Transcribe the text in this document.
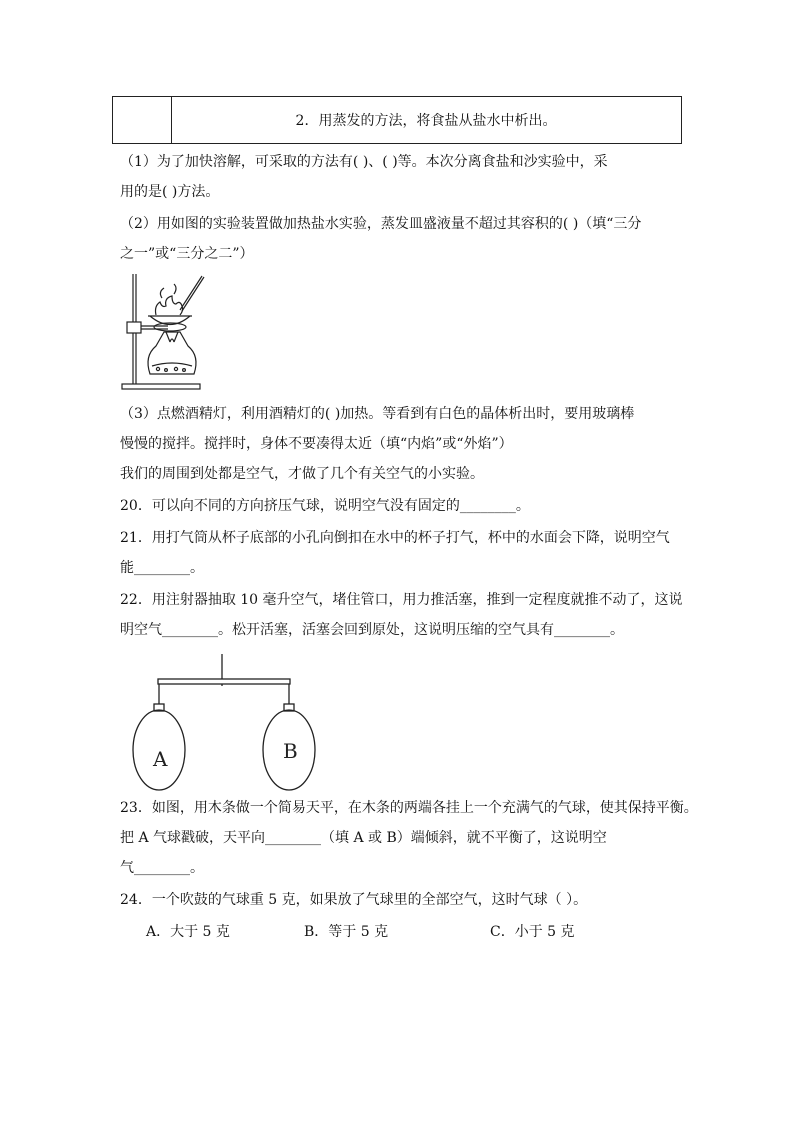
2．用蒸发的方法，将食盐从盐水中析出。
（1）为了加快溶解，可采取的方法有( )、( )等。本次分离食盐和沙实验中，采
用的是( )方法。
（2）用如图的实验装置做加热盐水实验，蒸发皿盛液量不超过其容积的( )（填“三分
之一”或“三分之二”）
（3）点燃酒精灯，利用酒精灯的( )加热。等看到有白色的晶体析出时，要用玻璃棒
慢慢的搅拌。搅拌时，身体不要凑得太近（填“内焰”或“外焰”）
我们的周围到处都是空气，才做了几个有关空气的小实验。
20．可以向不同的方向挤压气球，说明空气没有固定的________。
21．用打气筒从杯子底部的小孔向倒扣在水中的杯子打气，杯中的水面会下降，说明空气
能________。
22．用注射器抽取 10 毫升空气，堵住管口，用力推活塞，推到一定程度就推不动了，这说
明空气________。松开活塞，活塞会回到原处，这说明压缩的空气具有________。
A	B
23．如图，用木条做一个简易天平，在木条的两端各挂上一个充满气的气球，使其保持平衡。
把 A 气球戳破，天平向________（填 A 或 B）端倾斜，就不平衡了，这说明空
气________。
24．一个吹鼓的气球重 5 克，如果放了气球里的全部空气，这时气球（ ）。
A．大于 5 克	B．等于 5 克	C．小于 5 克
